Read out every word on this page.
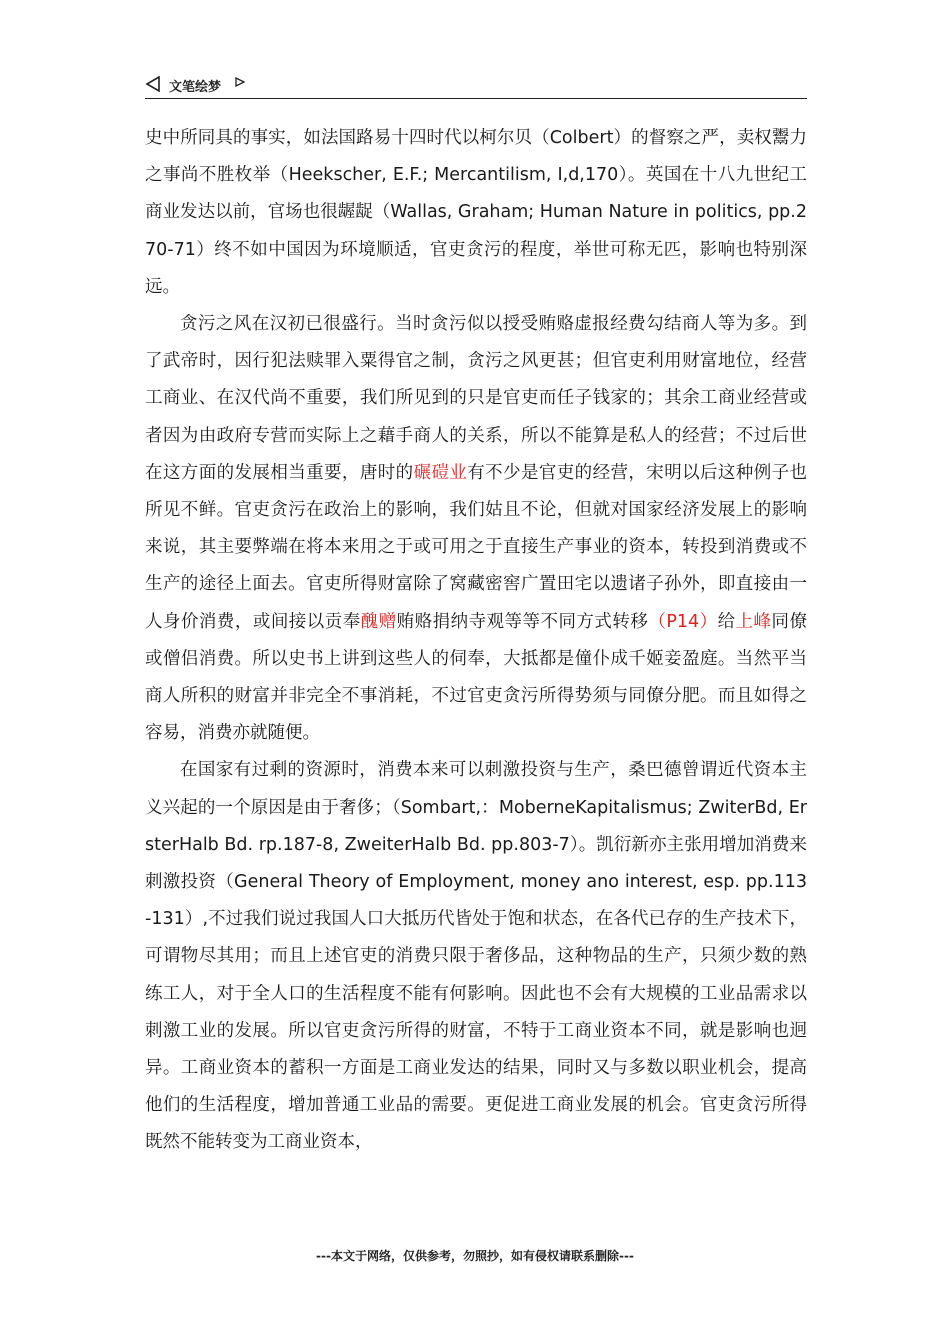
文笔绘梦

史中所同具的事实，如法国路易十四时代以柯尔贝（Colbert）的督察之严，卖权鬻力之事尚不胜枚举（Heekscher, E.F.; Mercantilism, I,d,170）。英国在十八九世纪工商业发达以前，官场也很龌龊（Wallas, Graham; Human Nature in politics, pp.270-71）终不如中国因为环境顺适，官吏贪污的程度，举世可称无匹，影响也特别深远。

贪污之风在汉初已很盛行。当时贪污似以授受贿赂虚报经费勾结商人等为多。到了武帝时，因行犯法赎罪入粟得官之制，贪污之风更甚；但官吏利用财富地位，经营工商业、在汉代尚不重要，我们所见到的只是官吏而任子钱家的；其余工商业经营或者因为由政府专营而实际上之藉手商人的关系，所以不能算是私人的经营；不过后世在这方面的发展相当重要，唐时的碾磑业有不少是官吏的经营，宋明以后这种例子也所见不鲜。官吏贪污在政治上的影响，我们姑且不论，但就对国家经济发展上的影响来说，其主要弊端在将本来用之于或可用之于直接生产事业的资本，转投到消费或不生产的途径上面去。官吏所得财富除了窝藏密窖广置田宅以遗诸子孙外，即直接由一人身价消费，或间接以贡奉醜赠贿赂捐纳寺观等等不同方式转移（P14）给上峰同僚或僧侣消费。所以史书上讲到这些人的伺奉，大抵都是僮仆成千姬妾盈庭。当然平当商人所积的财富并非完全不事消耗，不过官吏贪污所得势须与同僚分肥。而且如得之容易，消费亦就随便。

在国家有过剩的资源时，消费本来可以刺激投资与生产，桑巴德曾谓近代资本主义兴起的一个原因是由于奢侈；（Sombart,：MoberneKapitalismus; ZwiterBd, ErsterHalb Bd. rp.187-8, ZweiterHalb Bd. pp.803-7）。凯衍新亦主张用增加消费来刺激投资（General Theory of Employment, money ano interest, esp. pp.113-131）,不过我们说过我国人口大抵历代皆处于饱和状态，在各代已存的生产技术下，可谓物尽其用；而且上述官吏的消费只限于奢侈品，这种物品的生产，只须少数的熟练工人，对于全人口的生活程度不能有何影响。因此也不会有大规模的工业品需求以刺激工业的发展。所以官吏贪污所得的财富，不特于工商业资本不同，就是影响也迥异。工商业资本的蓄积一方面是工商业发达的结果，同时又与多数以职业机会，提高他们的生活程度，增加普通工业品的需要。更促进工商业发展的机会。官吏贪污所得既然不能转变为工商业资本，

---本文于网络，仅供参考，勿照抄，如有侵权请联系删除---
